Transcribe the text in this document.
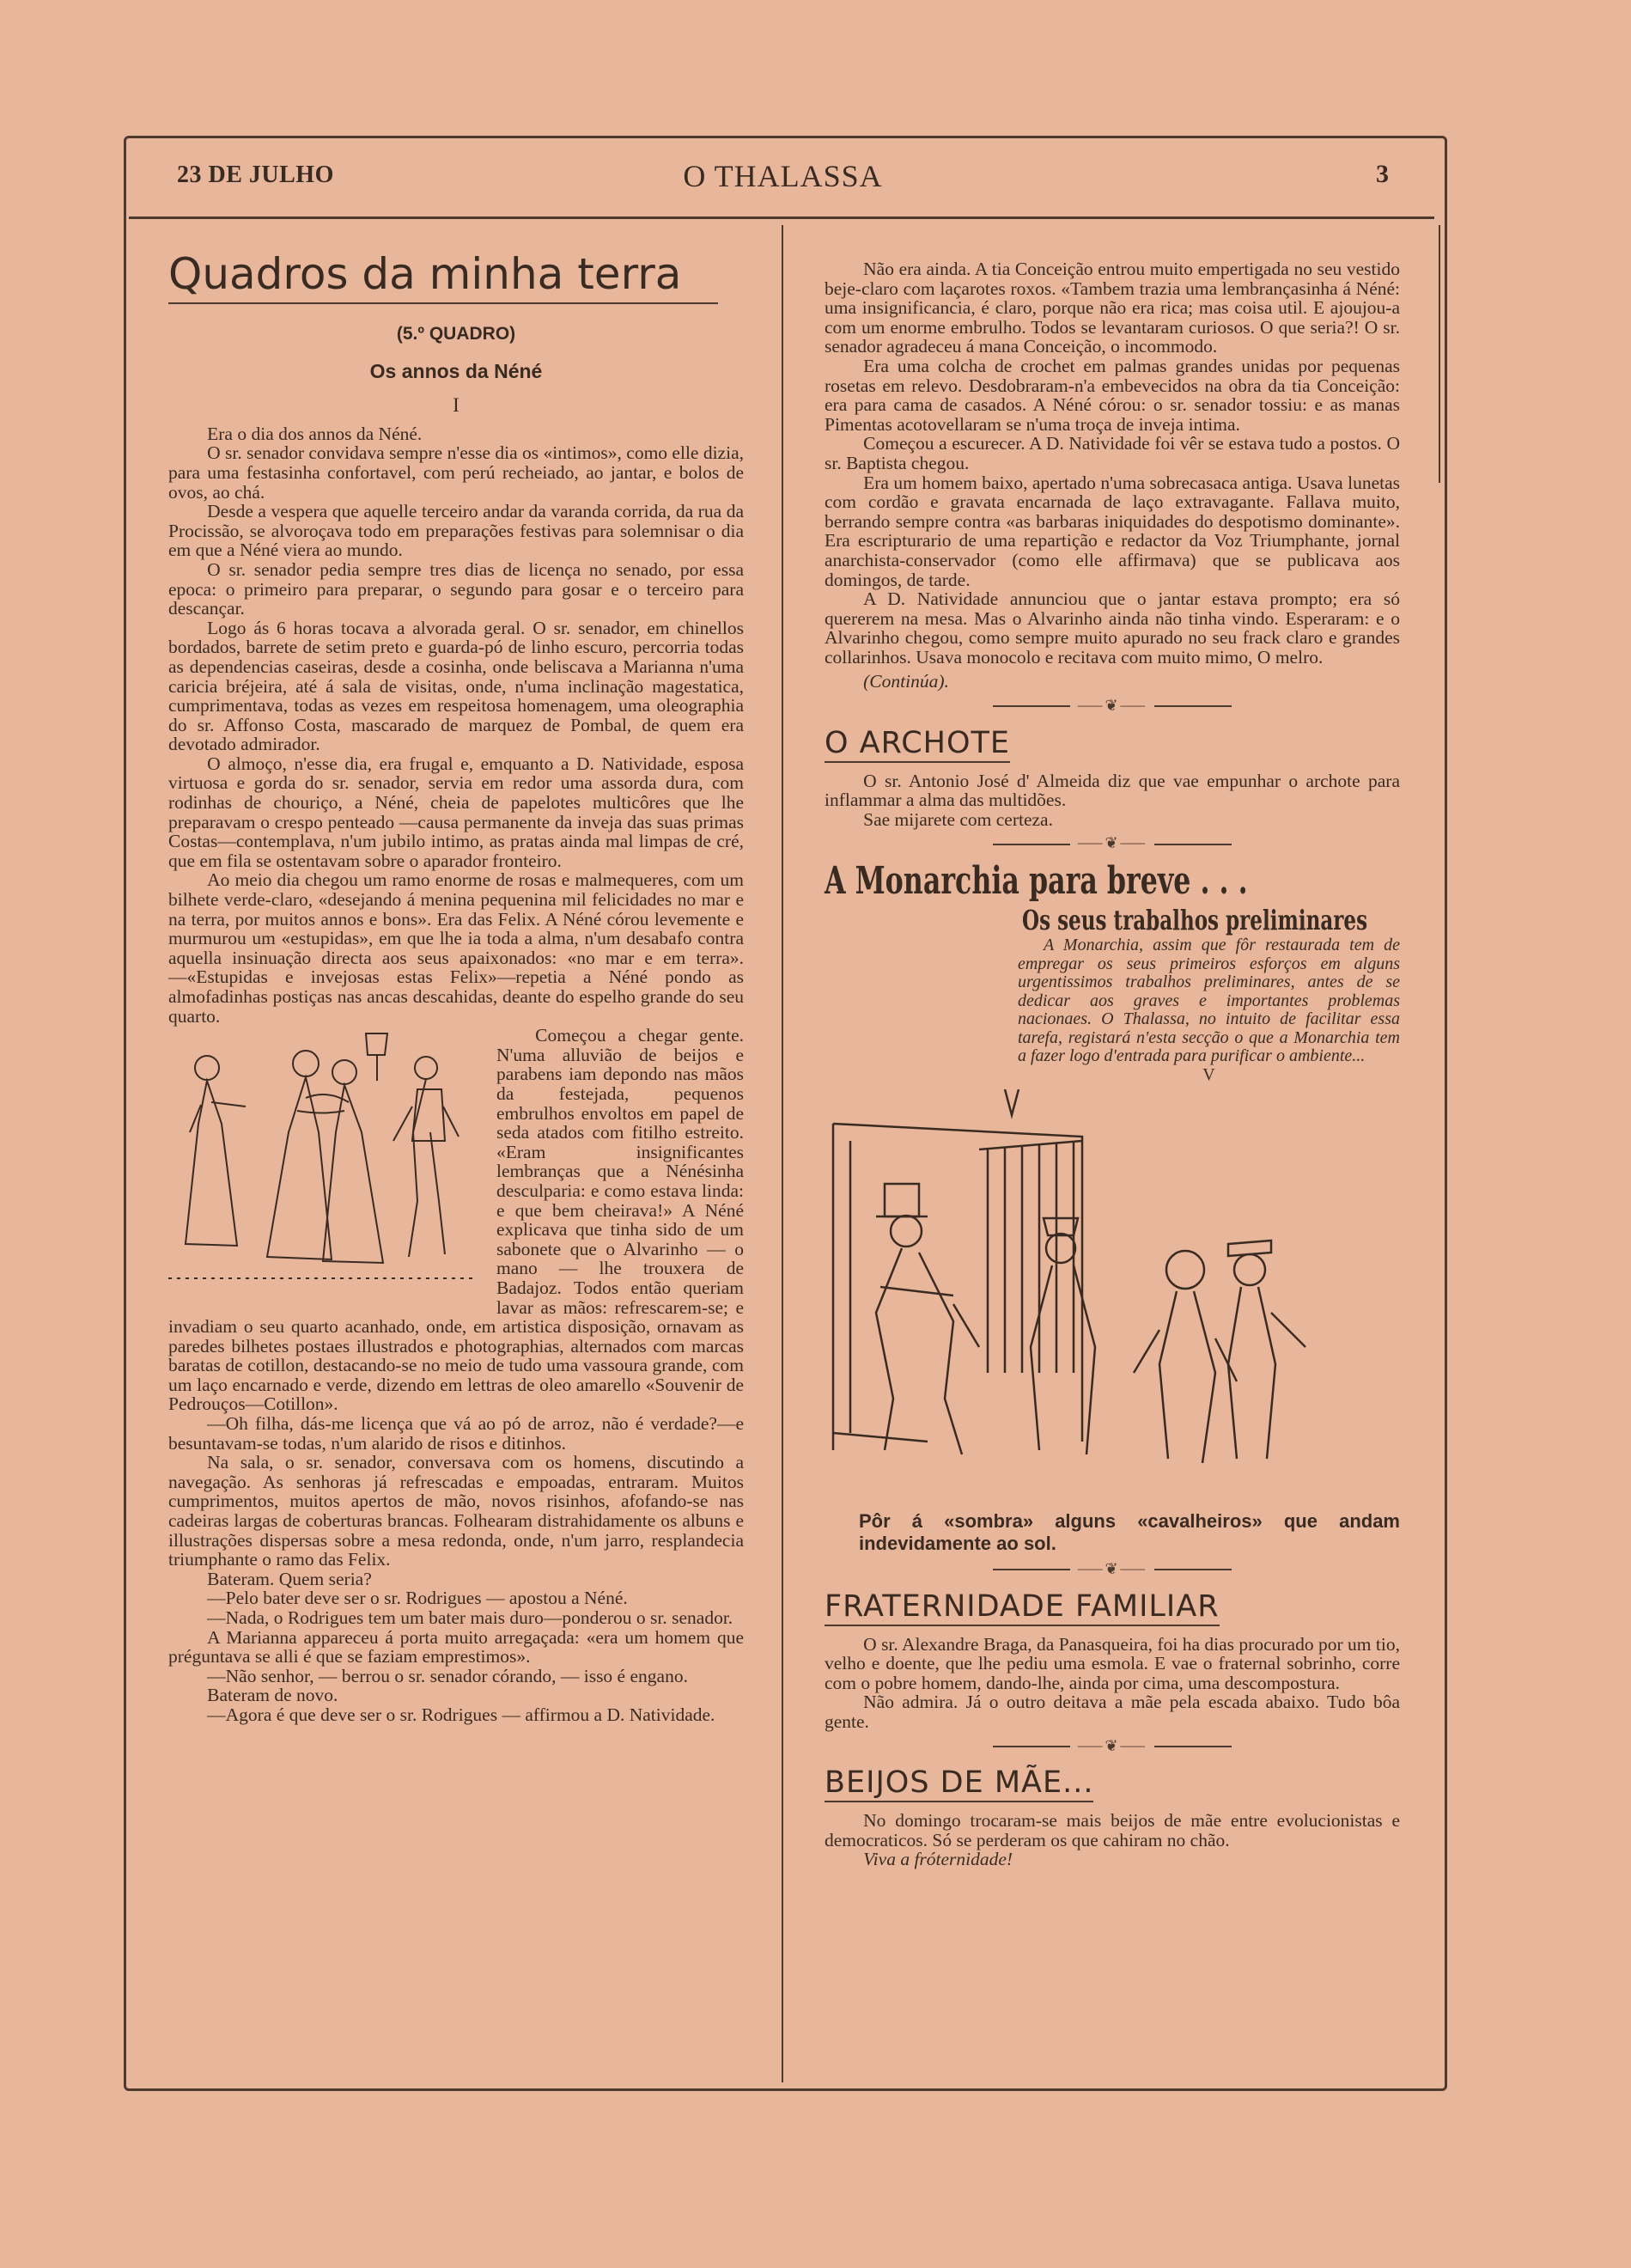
23 DE JULHO	O THALASSA	3
Quadros da minha terra
(5.º QUADRO)
Os annos da Néné
I

Era o dia dos annos da Néné.

O sr. senador convidava sempre n'esse dia os «intimos», como elle dizia, para uma festasinha confortavel, com perú recheiado, ao jantar, e bolos de ovos, ao chá.

Desde a vespera que aquelle terceiro andar da varanda corrida, da rua da Procissão, se alvoroçava todo em preparações festivas para solemnisar o dia em que a Néné viera ao mundo.

O sr. senador pedia sempre tres dias de licença no senado, por essa epoca: o primeiro para preparar, o segundo para gosar e o terceiro para descançar.

Logo ás 6 horas tocava a alvorada geral. O sr. senador, em chinellos bordados, barrete de setim preto e guarda-pó de linho escuro, percorria todas as dependencias caseiras, desde a cosinha, onde beliscava a Marianna n'uma caricia bréjeira, até á sala de visitas, onde, n'uma inclinação magestatica, cumprimentava, todas as vezes em respeitosa homenagem, uma oleographia do sr. Affonso Costa, mascarado de marquez de Pombal, de quem era devotado admirador.

O almoço, n'esse dia, era frugal e, emquanto a D. Natividade, esposa virtuosa e gorda do sr. senador, servia em redor uma assorda dura, com rodinhas de chouriço, a Néné, cheia de papelotes multicôres que lhe preparavam o crespo penteado —causa permanente da inveja das suas primas Costas—contemplava, n'um jubilo intimo, as pratas ainda mal limpas de cré, que em fila se ostentavam sobre o aparador fronteiro.

Ao meio dia chegou um ramo enorme de rosas e malmequeres, com um bilhete verde-claro, «desejando á menina pequenina mil felicidades no mar e na terra, por muitos annos e bons». Era das Felix. A Néné córou levemente e murmurou um «estupidas», em que lhe ia toda a alma, n'um desabafo contra aquella insinuação directa aos seus apaixonados: «no mar e em terra».—«Estupidas e invejosas estas Felix»—repetia a Néné pondo as almofadinhas postiças nas ancas descahidas, deante do espelho grande do seu quarto.

Começou a chegar gente. N'uma alluvião de beijos e parabens iam depondo nas mãos da festejada, pequenos embrulhos envoltos em papel de seda atados com fitilho estreito. «Eram insignificantes lembranças que a Nénésinha desculparia: e como estava linda: e que bem cheirava!» A Néné explicava que tinha sido de um sabonete que o Alvarinho — o mano — lhe trouxera de Badajoz. Todos então queriam lavar as mãos: refrescarem-se; e invadiam o seu quarto acanhado, onde, em artistica disposição, ornavam as paredes bilhetes postaes illustrados e photographias, alternados com marcas baratas de cotillon, destacando-se no meio de tudo uma vassoura grande, com um laço encarnado e verde, dizendo em lettras de oleo amarello «Souvenir de Pedrouços—Cotillon».

—Oh filha, dás-me licença que vá ao pó de arroz, não é verdade?—e besuntavam-se todas, n'um alarido de risos e ditinhos.

Na sala, o sr. senador, conversava com os homens, discutindo a navegação. As senhoras já refrescadas e empoadas, entraram. Muitos cumprimentos, muitos apertos de mão, novos risinhos, afofando-se nas cadeiras largas de coberturas brancas. Folhearam distrahidamente os albuns e illustrações dispersas sobre a mesa redonda, onde, n'um jarro, resplandecia triumphante o ramo das Felix.

Bateram. Quem seria?

—Pelo bater deve ser o sr. Rodrigues — apostou a Néné.

—Nada, o Rodrigues tem um bater mais duro—ponderou o sr. senador.

A Marianna appareceu á porta muito arregaçada: «era um homem que préguntava se alli é que se faziam emprestimos».

—Não senhor, — berrou o sr. senador córando, — isso é engano.

Bateram de novo.

—Agora é que deve ser o sr. Rodrigues — affirmou a D. Natividade.

Não era ainda. A tia Conceição entrou muito empertigada no seu vestido beje-claro com laçarotes roxos. «Tambem trazia uma lembrançasinha á Néné: uma insignificancia, é claro, porque não era rica; mas coisa util. E ajoujou-a com um enorme embrulho. Todos se levantaram curiosos. O que seria?! O sr. senador agradeceu á mana Conceição, o incommodo.

Era uma colcha de crochet em palmas grandes unidas por pequenas rosetas em relevo. Desdobraram-n'a embevecidos na obra da tia Conceição: era para cama de casados. A Néné córou: o sr. senador tossiu: e as manas Pimentas acotovellaram se n'uma troça de inveja intima.

Começou a escurecer. A D. Natividade foi vêr se estava tudo a postos. O sr. Baptista chegou.

Era um homem baixo, apertado n'uma sobrecasaca antiga. Usava lunetas com cordão e gravata encarnada de laço extravagante. Fallava muito, berrando sempre contra «as barbaras iniquidades do despotismo dominante». Era escripturario de uma repartição e redactor da Voz Triumphante, jornal anarchista-conservador (como elle affirmava) que se publicava aos domingos, de tarde.

A D. Natividade annunciou que o jantar estava prompto; era só quererem na mesa. Mas o Alvarinho ainda não tinha vindo. Esperaram: e o Alvarinho chegou, como sempre muito apurado no seu frack claro e grandes collarinhos. Usava monocolo e recitava com muito mimo, O melro.

(Continúa).

⸺❦⸺
O ARCHOTE

O sr. Antonio José d' Almeida diz que vae empunhar o archote para inflammar a alma das multidões.

Sae mijarete com certeza.

⸺❦⸺
A Monarchia para breve . . .
Os seus trabalhos preliminares

A Monarchia, assim que fôr restaurada tem de empregar os seus primeiros esforços em alguns urgentissimos trabalhos preliminares, antes de se dedicar aos graves e importantes problemas nacionaes. O Thalassa, no intuito de facilitar essa tarefa, registará n'esta secção o que a Monarchia tem a fazer logo d'entrada para purificar o ambiente...

V
Pôr á «sombra» alguns «cavalheiros» que andam indevidamente ao sol.
⸺❦⸺
FRATERNIDADE FAMILIAR

O sr. Alexandre Braga, da Panasqueira, foi ha dias procurado por um tio, velho e doente, que lhe pediu uma esmola. E vae o fraternal sobrinho, corre com o pobre homem, dando-lhe, ainda por cima, uma descompostura.

Não admira. Já o outro deitava a mãe pela escada abaixo. Tudo bôa gente.

⸺❦⸺
BEIJOS DE MÃE...

No domingo trocaram-se mais beijos de mãe entre evolucionistas e democraticos. Só se perderam os que cahiram no chão.

Viva a fróternidade!
